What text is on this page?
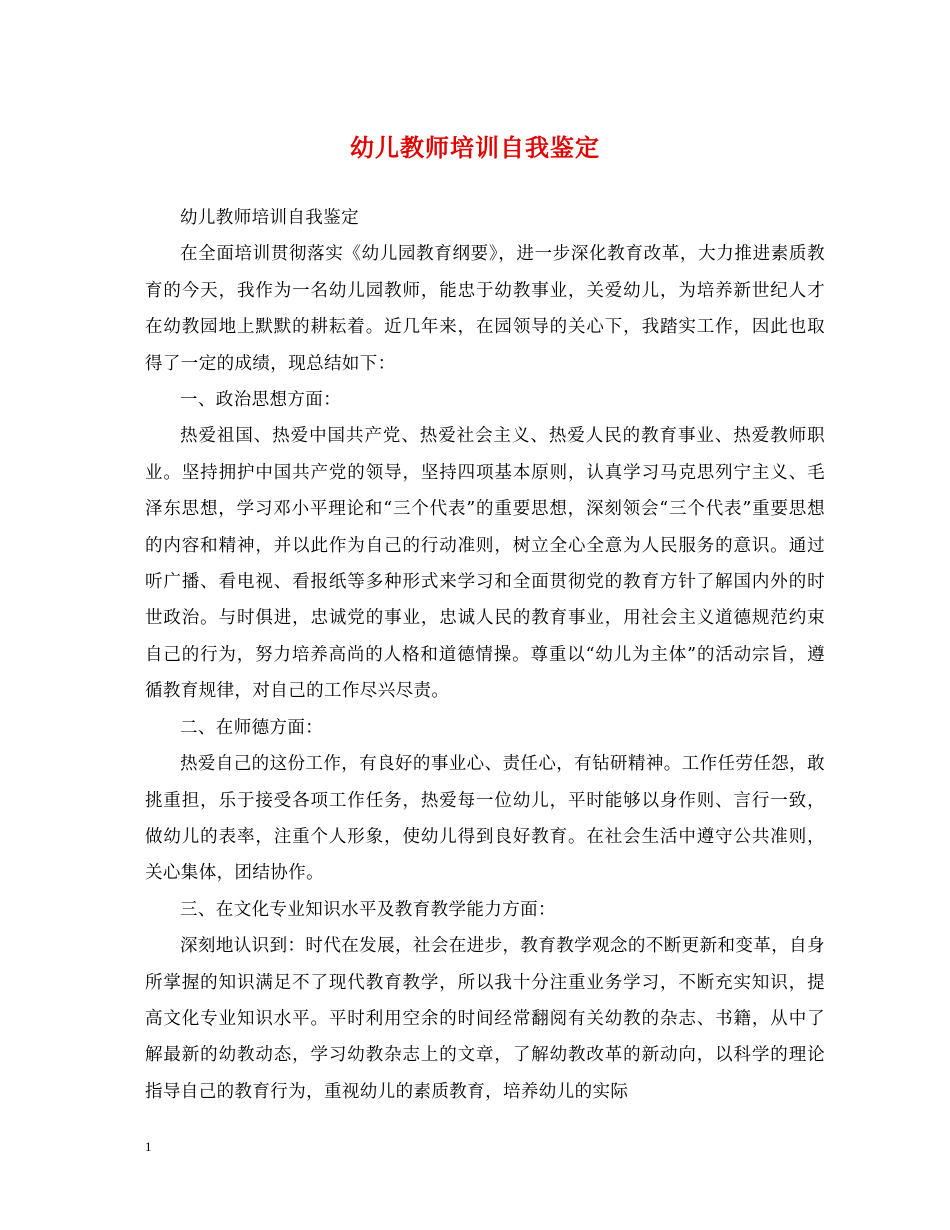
幼儿教师培训自我鉴定

幼儿教师培训自我鉴定

在全面培训贯彻落实《幼儿园教育纲要》，进一步深化教育改革，大力推进素质教育的今天，我作为一名幼儿园教师，能忠于幼教事业，关爱幼儿，为培养新世纪人才在幼教园地上默默的耕耘着。近几年来，在园领导的关心下，我踏实工作，因此也取得了一定的成绩，现总结如下：

一、政治思想方面：

热爱祖国、热爱中国共产党、热爱社会主义、热爱人民的教育事业、热爱教师职业。坚持拥护中国共产党的领导，坚持四项基本原则，认真学习马克思列宁主义、毛泽东思想，学习邓小平理论和“三个代表”的重要思想，深刻领会“三个代表”重要思想的内容和精神，并以此作为自己的行动准则，树立全心全意为人民服务的意识。通过听广播、看电视、看报纸等多种形式来学习和全面贯彻党的教育方针了解国内外的时世政治。与时俱进，忠诚党的事业，忠诚人民的教育事业，用社会主义道德规范约束自己的行为，努力培养高尚的人格和道德情操。尊重以“幼儿为主体”的活动宗旨，遵循教育规律，对自己的工作尽兴尽责。

二、在师德方面：

热爱自己的这份工作，有良好的事业心、责任心，有钻研精神。工作任劳任怨，敢挑重担，乐于接受各项工作任务，热爱每一位幼儿，平时能够以身作则、言行一致，做幼儿的表率，注重个人形象，使幼儿得到良好教育。在社会生活中遵守公共准则，关心集体，团结协作。

三、在文化专业知识水平及教育教学能力方面：

深刻地认识到：时代在发展，社会在进步，教育教学观念的不断更新和变革，自身所掌握的知识满足不了现代教育教学，所以我十分注重业务学习，不断充实知识，提高文化专业知识水平。平时利用空余的时间经常翻阅有关幼教的杂志、书籍，从中了解最新的幼教动态，学习幼教杂志上的文章，了解幼教改革的新动向，以科学的理论指导自己的教育行为，重视幼儿的素质教育，培养幼儿的实际

1
